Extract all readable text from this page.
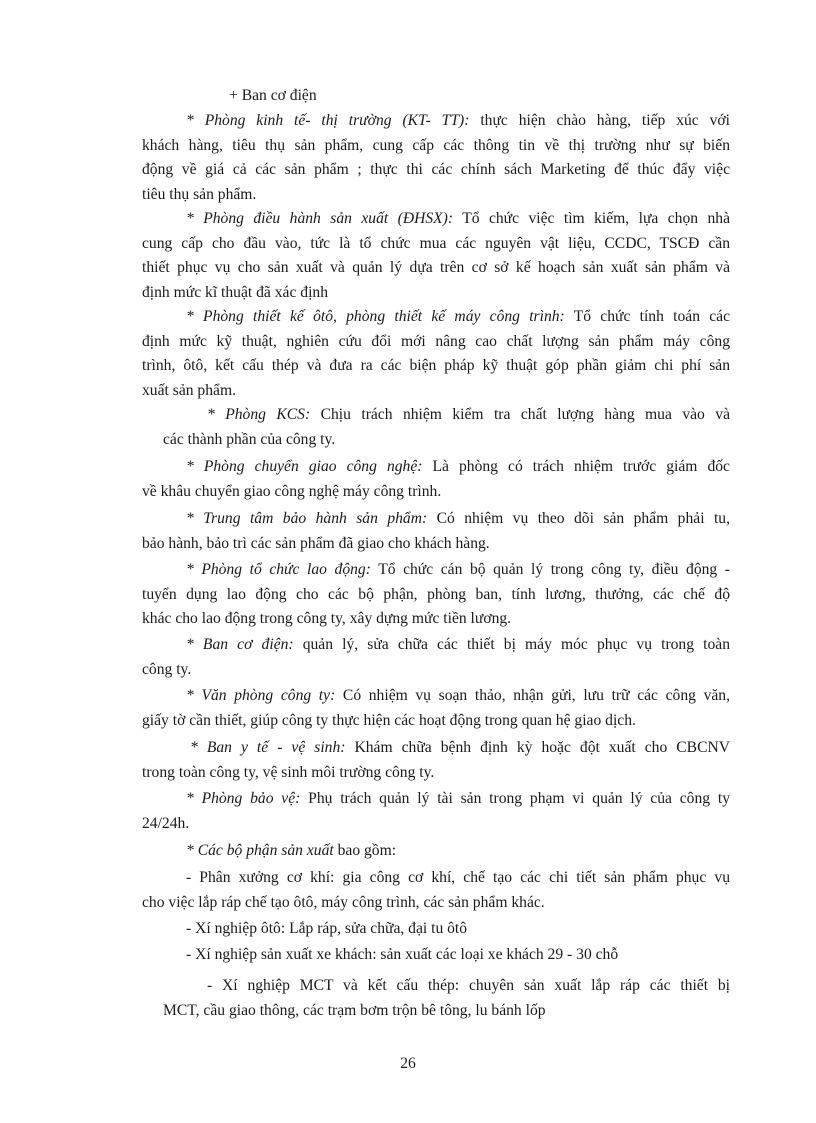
+ Ban cơ điện

* Phòng kinh tế- thị trường (KT- TT): thực hiện chào hàng, tiếp xúc với
khách hàng, tiêu thụ sản phẩm, cung cấp các thông tin về thị trường như sự biến
động về giá cả các sản phẩm ; thực thi các chính sách Marketing để thúc đẩy việc
tiêu thụ sản phẩm.
* Phòng điều hành sản xuất (ĐHSX): Tổ chức việc tìm kiếm, lựa chọn nhà
cung cấp cho đầu vào, tức là tổ chức mua các nguyên vật liệu, CCDC, TSCĐ cần
thiết phục vụ cho sản xuất và quản lý dựa trên cơ sở kế hoạch sản xuất sản phẩm và
định mức kĩ thuật đã xác định
* Phòng thiết kế ôtô, phòng thiết kế máy công trình: Tổ chức tính toán các
định mức kỹ thuật, nghiên cứu đổi mới nâng cao chất lượng sản phẩm máy công
trình, ôtô, kết cấu thép và đưa ra các biện pháp kỹ thuật góp phần giảm chi phí sản
xuất sản phẩm.
* Phòng KCS: Chịu trách nhiệm kiểm tra chất lượng hàng mua vào và
các thành phần của công ty.
* Phòng chuyển giao công nghệ: Là phòng có trách nhiệm trước giám đốc
về khâu chuyển giao công nghệ máy công trình.
* Trung tâm bảo hành sản phẩm: Có nhiệm vụ theo dõi sản phẩm phải tu,
bảo hành, bảo trì các sản phẩm đã giao cho khách hàng.
* Phòng tổ chức lao động: Tổ chức cán bộ quản lý trong công ty, điều động -
tuyển dụng lao động cho các bộ phận, phòng ban, tính lương, thưởng, các chế độ
khác cho lao động trong công ty, xây dựng mức tiền lương.
* Ban cơ điện: quản lý, sửa chữa các thiết bị máy móc phục vụ trong toàn
công ty.
* Văn phòng công ty: Có nhiệm vụ soạn thảo, nhận gửi, lưu trữ các công văn,
giấy tờ cần thiết, giúp công ty thực hiện các hoạt động trong quan hệ giao dịch.
* Ban y tế - vệ sinh: Khám chữa bệnh định kỳ hoặc đột xuất cho CBCNV
trong toàn công ty, vệ sinh môi trường công ty.
* Phòng bảo vệ: Phụ trách quản lý tài sản trong phạm vi quản lý của công ty
24/24h.

* Các bộ phận sản xuất bao gồm:

- Phân xưởng cơ khí: gia công cơ khí, chế tạo các chi tiết sản phẩm phục vụ
cho việc lắp ráp chế tạo ôtô, máy công trình, các sản phẩm khác.

- Xí nghiệp ôtô: Lắp ráp, sửa chữa, đại tu ôtô

- Xí nghiệp sản xuất xe khách: sản xuất các loại xe khách 29 - 30 chỗ

- Xí nghiệp MCT và kết cấu thép: chuyên sản xuất lắp ráp các thiết bị
MCT, cầu giao thông, các trạm bơm trộn bê tông, lu bánh lốp
26
